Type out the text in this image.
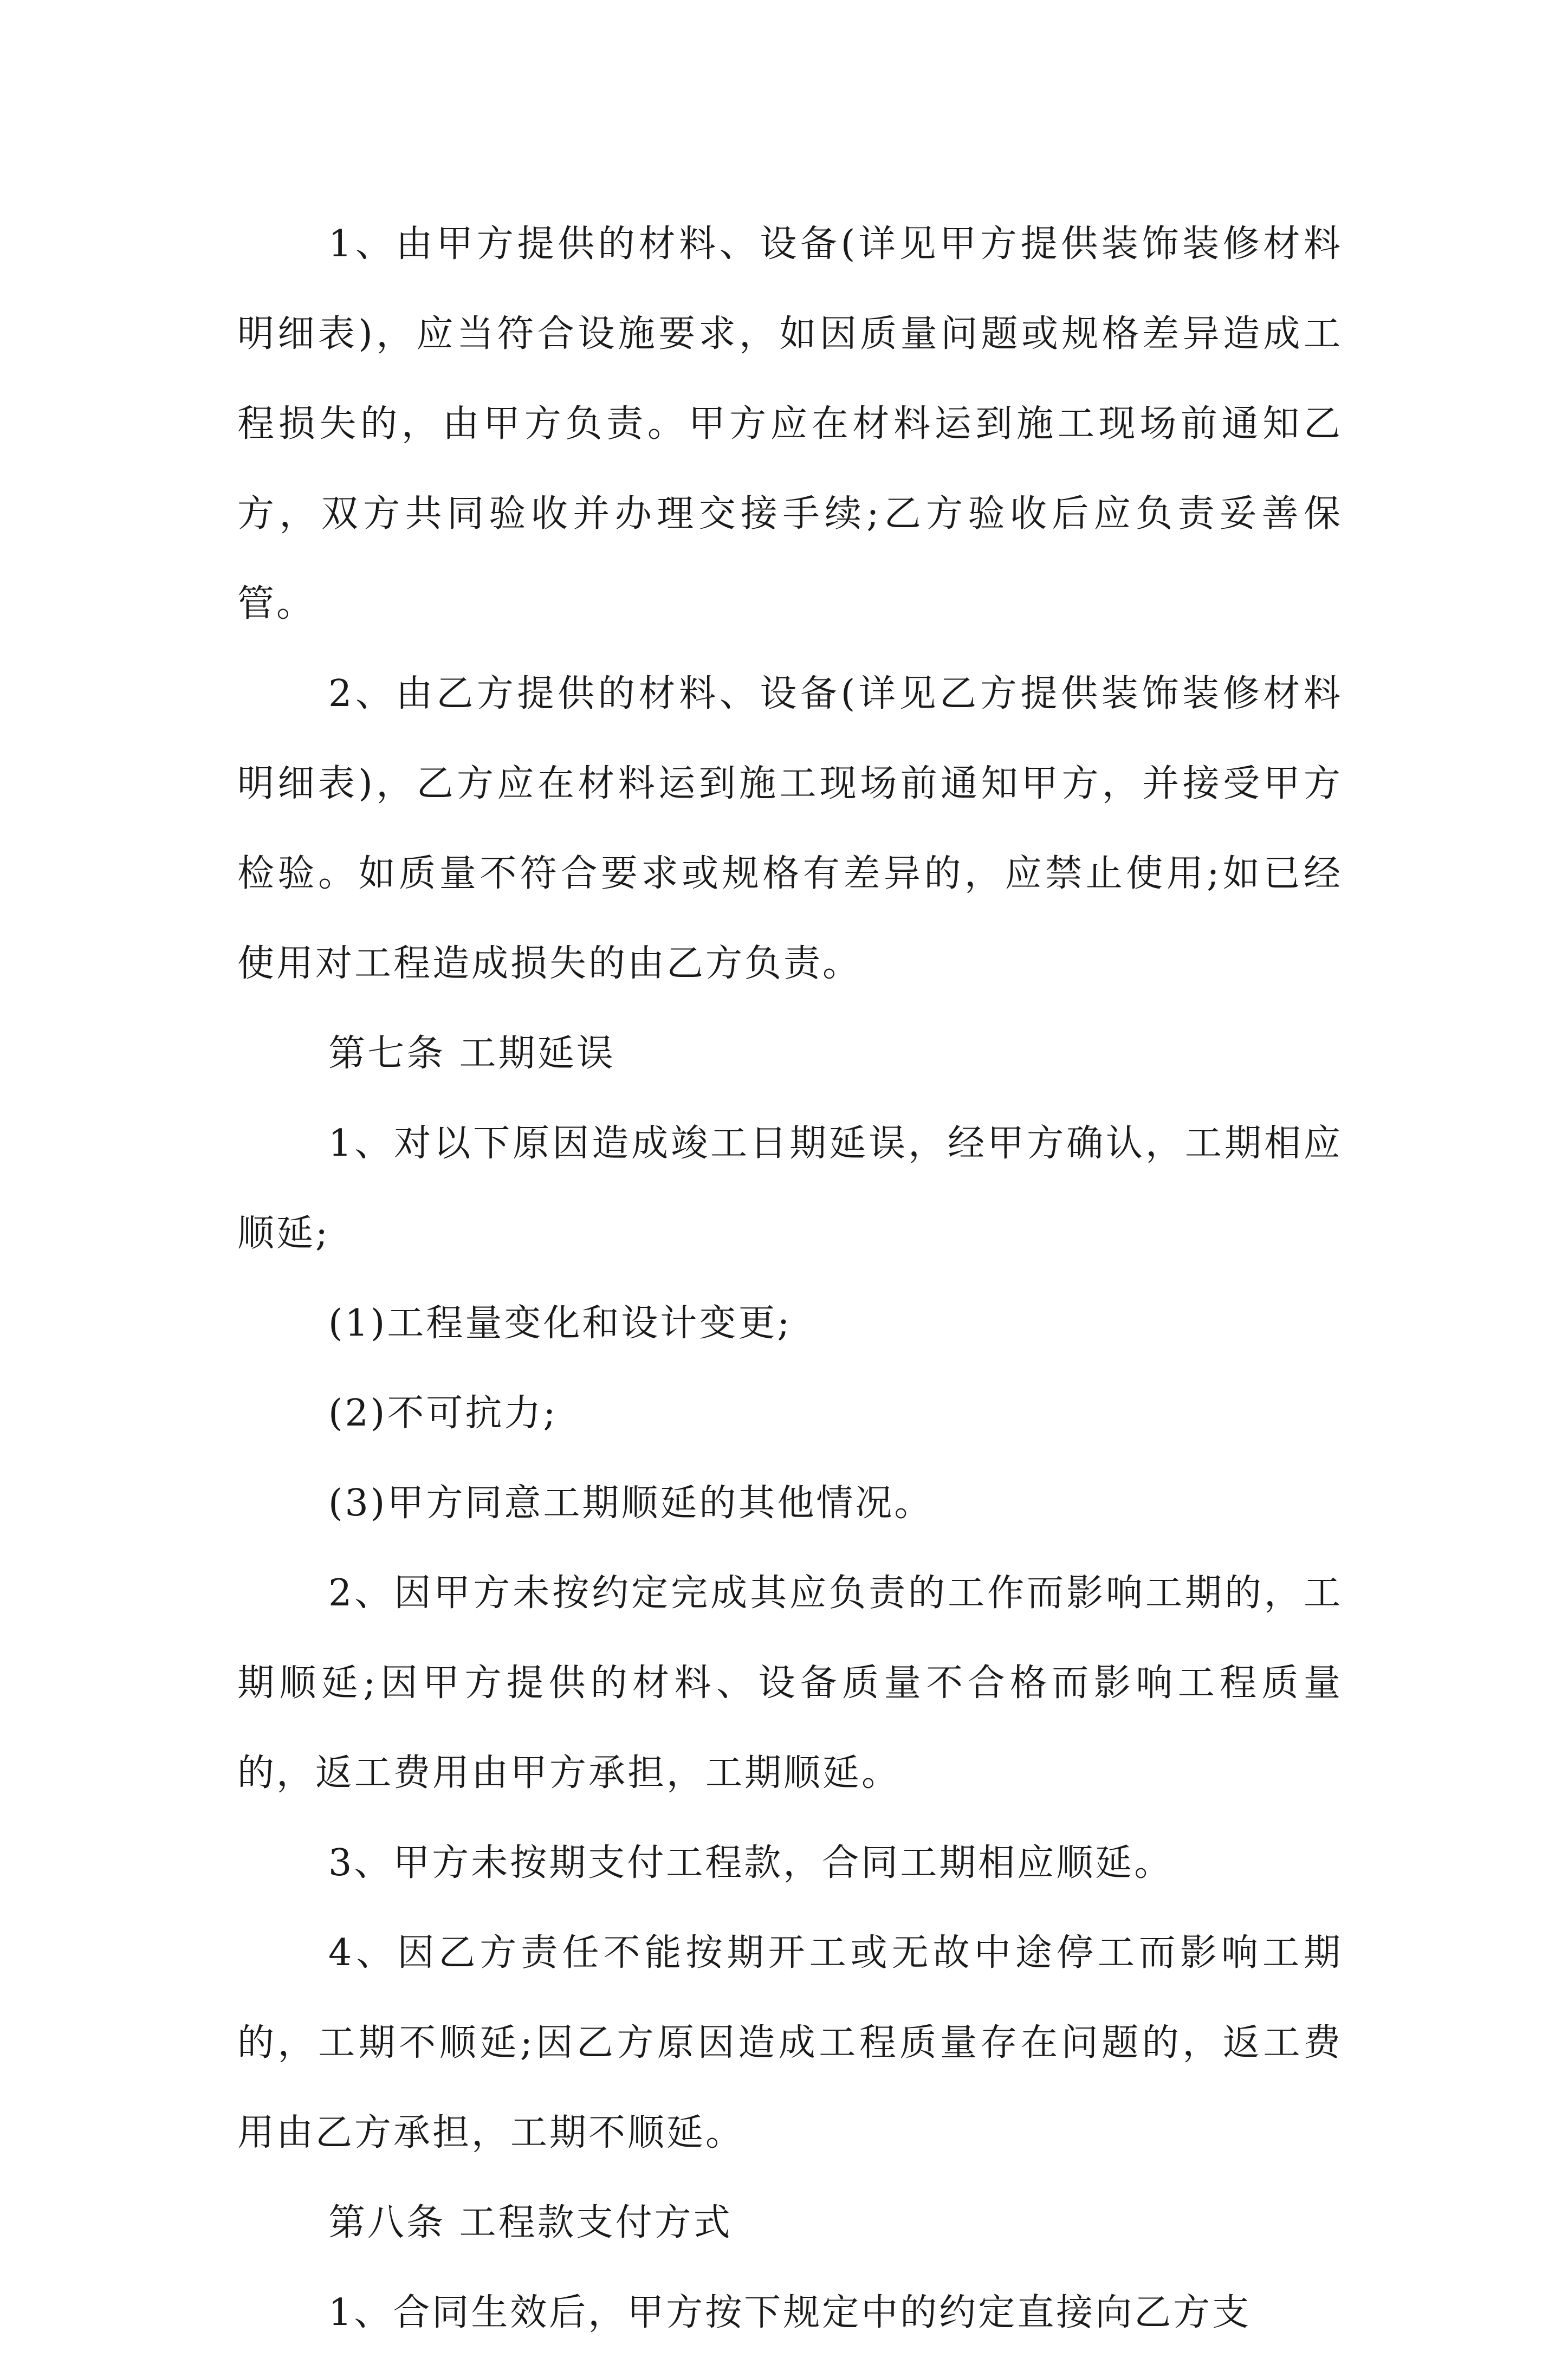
1、由甲方提供的材料、设备(详见甲方提供装饰装修材料明细表)，应当符合设施要求，如因质量问题或规格差异造成工程损失的，由甲方负责。甲方应在材料运到施工现场前通知乙方，双方共同验收并办理交接手续;乙方验收后应负责妥善保管。

2、由乙方提供的材料、设备(详见乙方提供装饰装修材料明细表)，乙方应在材料运到施工现场前通知甲方，并接受甲方检验。如质量不符合要求或规格有差异的，应禁止使用;如已经使用对工程造成损失的由乙方负责。

第七条 工期延误

1、对以下原因造成竣工日期延误，经甲方确认，工期相应顺延;

(1)工程量变化和设计变更;

(2)不可抗力;

(3)甲方同意工期顺延的其他情况。

2、因甲方未按约定完成其应负责的工作而影响工期的，工期顺延;因甲方提供的材料、设备质量不合格而影响工程质量的，返工费用由甲方承担，工期顺延。

3、甲方未按期支付工程款，合同工期相应顺延。

4、因乙方责任不能按期开工或无故中途停工而影响工期的，工期不顺延;因乙方原因造成工程质量存在问题的，返工费用由乙方承担，工期不顺延。

第八条 工程款支付方式

1、合同生效后，甲方按下规定中的约定直接向乙方支
